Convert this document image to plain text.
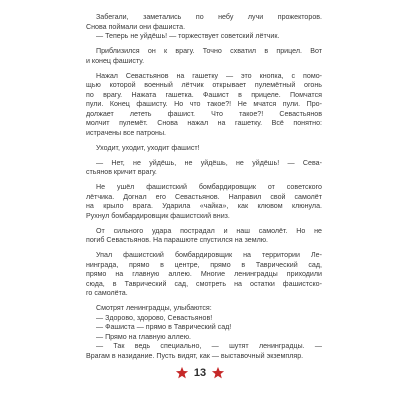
Забегали, заметались по небу лучи прожекторов.
Снова поймали они фашиста.
— Теперь не уйдёшь! — торжествует советский лётчик.
Приблизился он к врагу. Точно схватил в прицел. Вот
и конец фашисту.
Нажал Севастьянов на гашетку — это кнопка, с помо-
щью которой военный лётчик открывает пулемётный огонь
по врагу. Нажата гашетка. Фашист в прицеле. Помчатся
пули. Конец фашисту. Но что такое?! Не мчатся пули. Про-
должает лететь фашист. Что такое?! Севастьянов
молчит пулемёт. Снова нажал на гашетку. Всё понятно:
истрачены все патроны.
Уходит, уходит, уходит фашист!
— Нет, не уйдёшь, не уйдёшь, не уйдёшь! — Сева-
стьянов кричит врагу.
Не ушёл фашистский бомбардировщик от советского
лётчика. Догнал его Севастьянов. Направил свой самолёт
на крыло врага. Ударила «чайка», как клювом клюнула.
Рухнул бомбардировщик фашистский вниз.
От сильного удара пострадал и наш самолёт. Но не
погиб Севастьянов. На парашюте спустился на землю.
Упал фашистский бомбардировщик на территории Ле-
нинграда, прямо в центре, прямо в Таврический сад,
прямо на главную аллею. Многие ленинградцы приходили
сюда, в Таврический сад, смотреть на остатки фашистско-
го самолёта.
Смотрят ленинградцы, улыбаются:
— Здорово, здорово, Севастьянов!
— Фашиста — прямо в Таврический сад!
— Прямо на главную аллею.
— Так ведь специально, — шутят ленинградцы. —
Врагам в назидание. Пусть видят, как — выставочный экземпляр.
13
